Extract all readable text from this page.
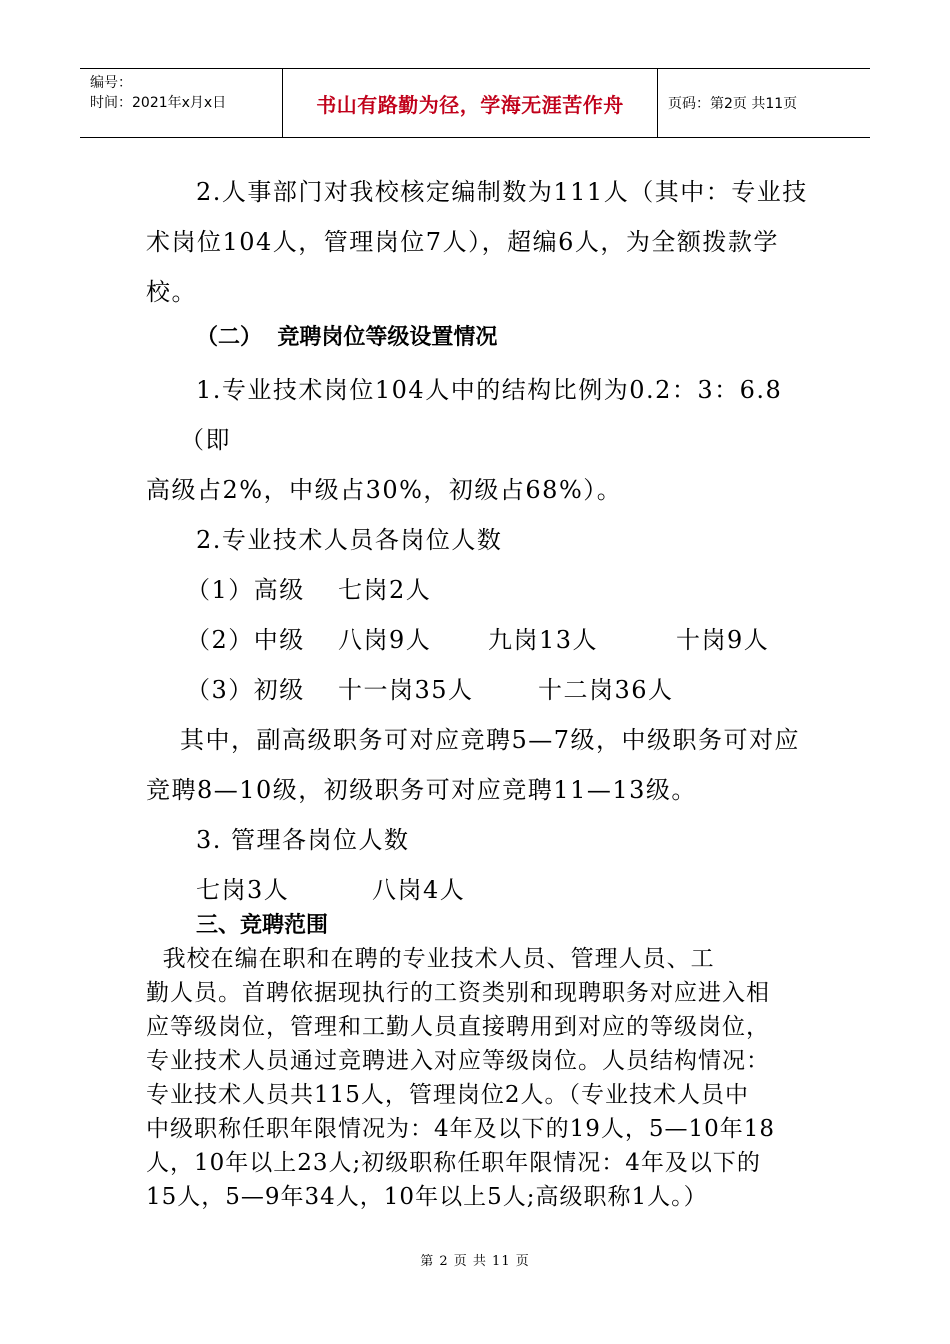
编号：
时间：2021年x月x日	书山有路勤为径，学海无涯苦作舟	页码：第2页 共11页
2.人事部门对我校核定编制数为111人（其中：专业技
术岗位104人，管理岗位7人），超编6人，为全额拨款学
校。
（二）  竞聘岗位等级设置情况
1.专业技术岗位104人中的结构比例为0.2：3：6.8
（即
高级占2%，中级占30%，初级占68%）。
2.专业技术人员各岗位人数
（1）高级 七岗2人
（2）中级 八岗9人 九岗13人	十岗9人
（3）初级 十一岗35人	十二岗36人
其中，副高级职务可对应竞聘5—7级，中级职务可对应
竞聘8—10级，初级职务可对应竞聘11—13级。
3. 管理各岗位人数
七岗3人	八岗4人
三、竞聘范围
我校在编在职和在聘的专业技术人员、管理人员、工
勤人员。首聘依据现执行的工资类别和现聘职务对应进入相
应等级岗位，管理和工勤人员直接聘用到对应的等级岗位，
专业技术人员通过竞聘进入对应等级岗位。人员结构情况：
专业技术人员共115人，管理岗位2人。（专业技术人员中
中级职称任职年限情况为：4年及以下的19人，5—10年18
人，10年以上23人;初级职称任职年限情况：4年及以下的
15人，5—9年34人，10年以上5人;高级职称1人。）
第 2 页 共 11 页
